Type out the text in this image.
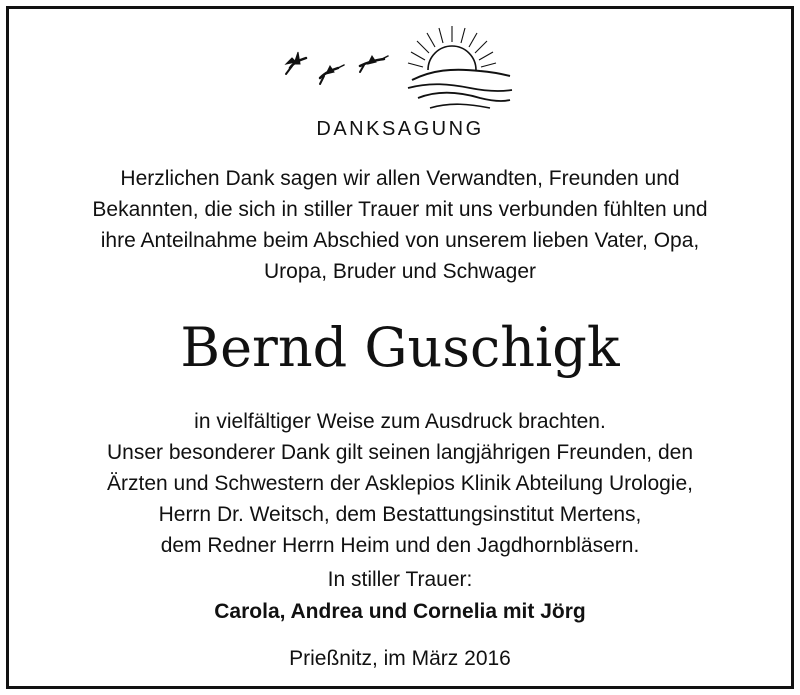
DANKSAGUNG
Herzlichen Dank sagen wir allen Verwandten, Freunden und
Bekannten, die sich in stiller Trauer mit uns verbunden fühlten und
ihre Anteilnahme beim Abschied von unserem lieben Vater, Opa,
Uropa, Bruder und Schwager
Bernd Guschigk
in vielfältiger Weise zum Ausdruck brachten.
Unser besonderer Dank gilt seinen langjährigen Freunden, den
Ärzten und Schwestern der Asklepios Klinik Abteilung Urologie,
Herrn Dr. Weitsch, dem Bestattungsinstitut Mertens,
dem Redner Herrn Heim und den Jagdhornbläsern.
In stiller Trauer:
Carola, Andrea und Cornelia mit Jörg
Prießnitz, im März 2016
